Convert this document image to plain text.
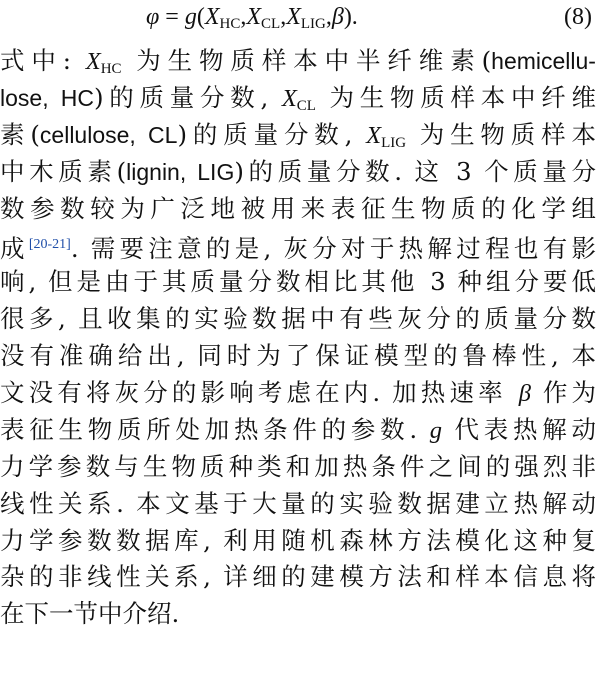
$\varphi = g(X_{HC},X_{CL},X_{LIG},\beta)$.	(8)
式中: $X_{HC}$ 为生物质样本中半纤维素(hemicellu-
lose, HC)的质量分数, $X_{CL}$ 为生物质样本中纤维
素(cellulose, CL)的质量分数, $X_{LIG}$ 为生物质样本
中木质素(lignin, LIG)的质量分数. 这 3 个质量分
数参数较为广泛地被用来表征生物质的化学组
成[20-21]. 需要注意的是, 灰分对于热解过程也有影
响, 但是由于其质量分数相比其他 3 种组分要低
很多, 且收集的实验数据中有些灰分的质量分数
没有准确给出, 同时为了保证模型的鲁棒性, 本
文没有将灰分的影响考虑在内. 加热速率 β 作为
表征生物质所处加热条件的参数. g 代表热解动
力学参数与生物质种类和加热条件之间的强烈非
线性关系. 本文基于大量的实验数据建立热解动
力学参数数据库, 利用随机森林方法模化这种复
杂的非线性关系, 详细的建模方法和样本信息将
在下一节中介绍.
